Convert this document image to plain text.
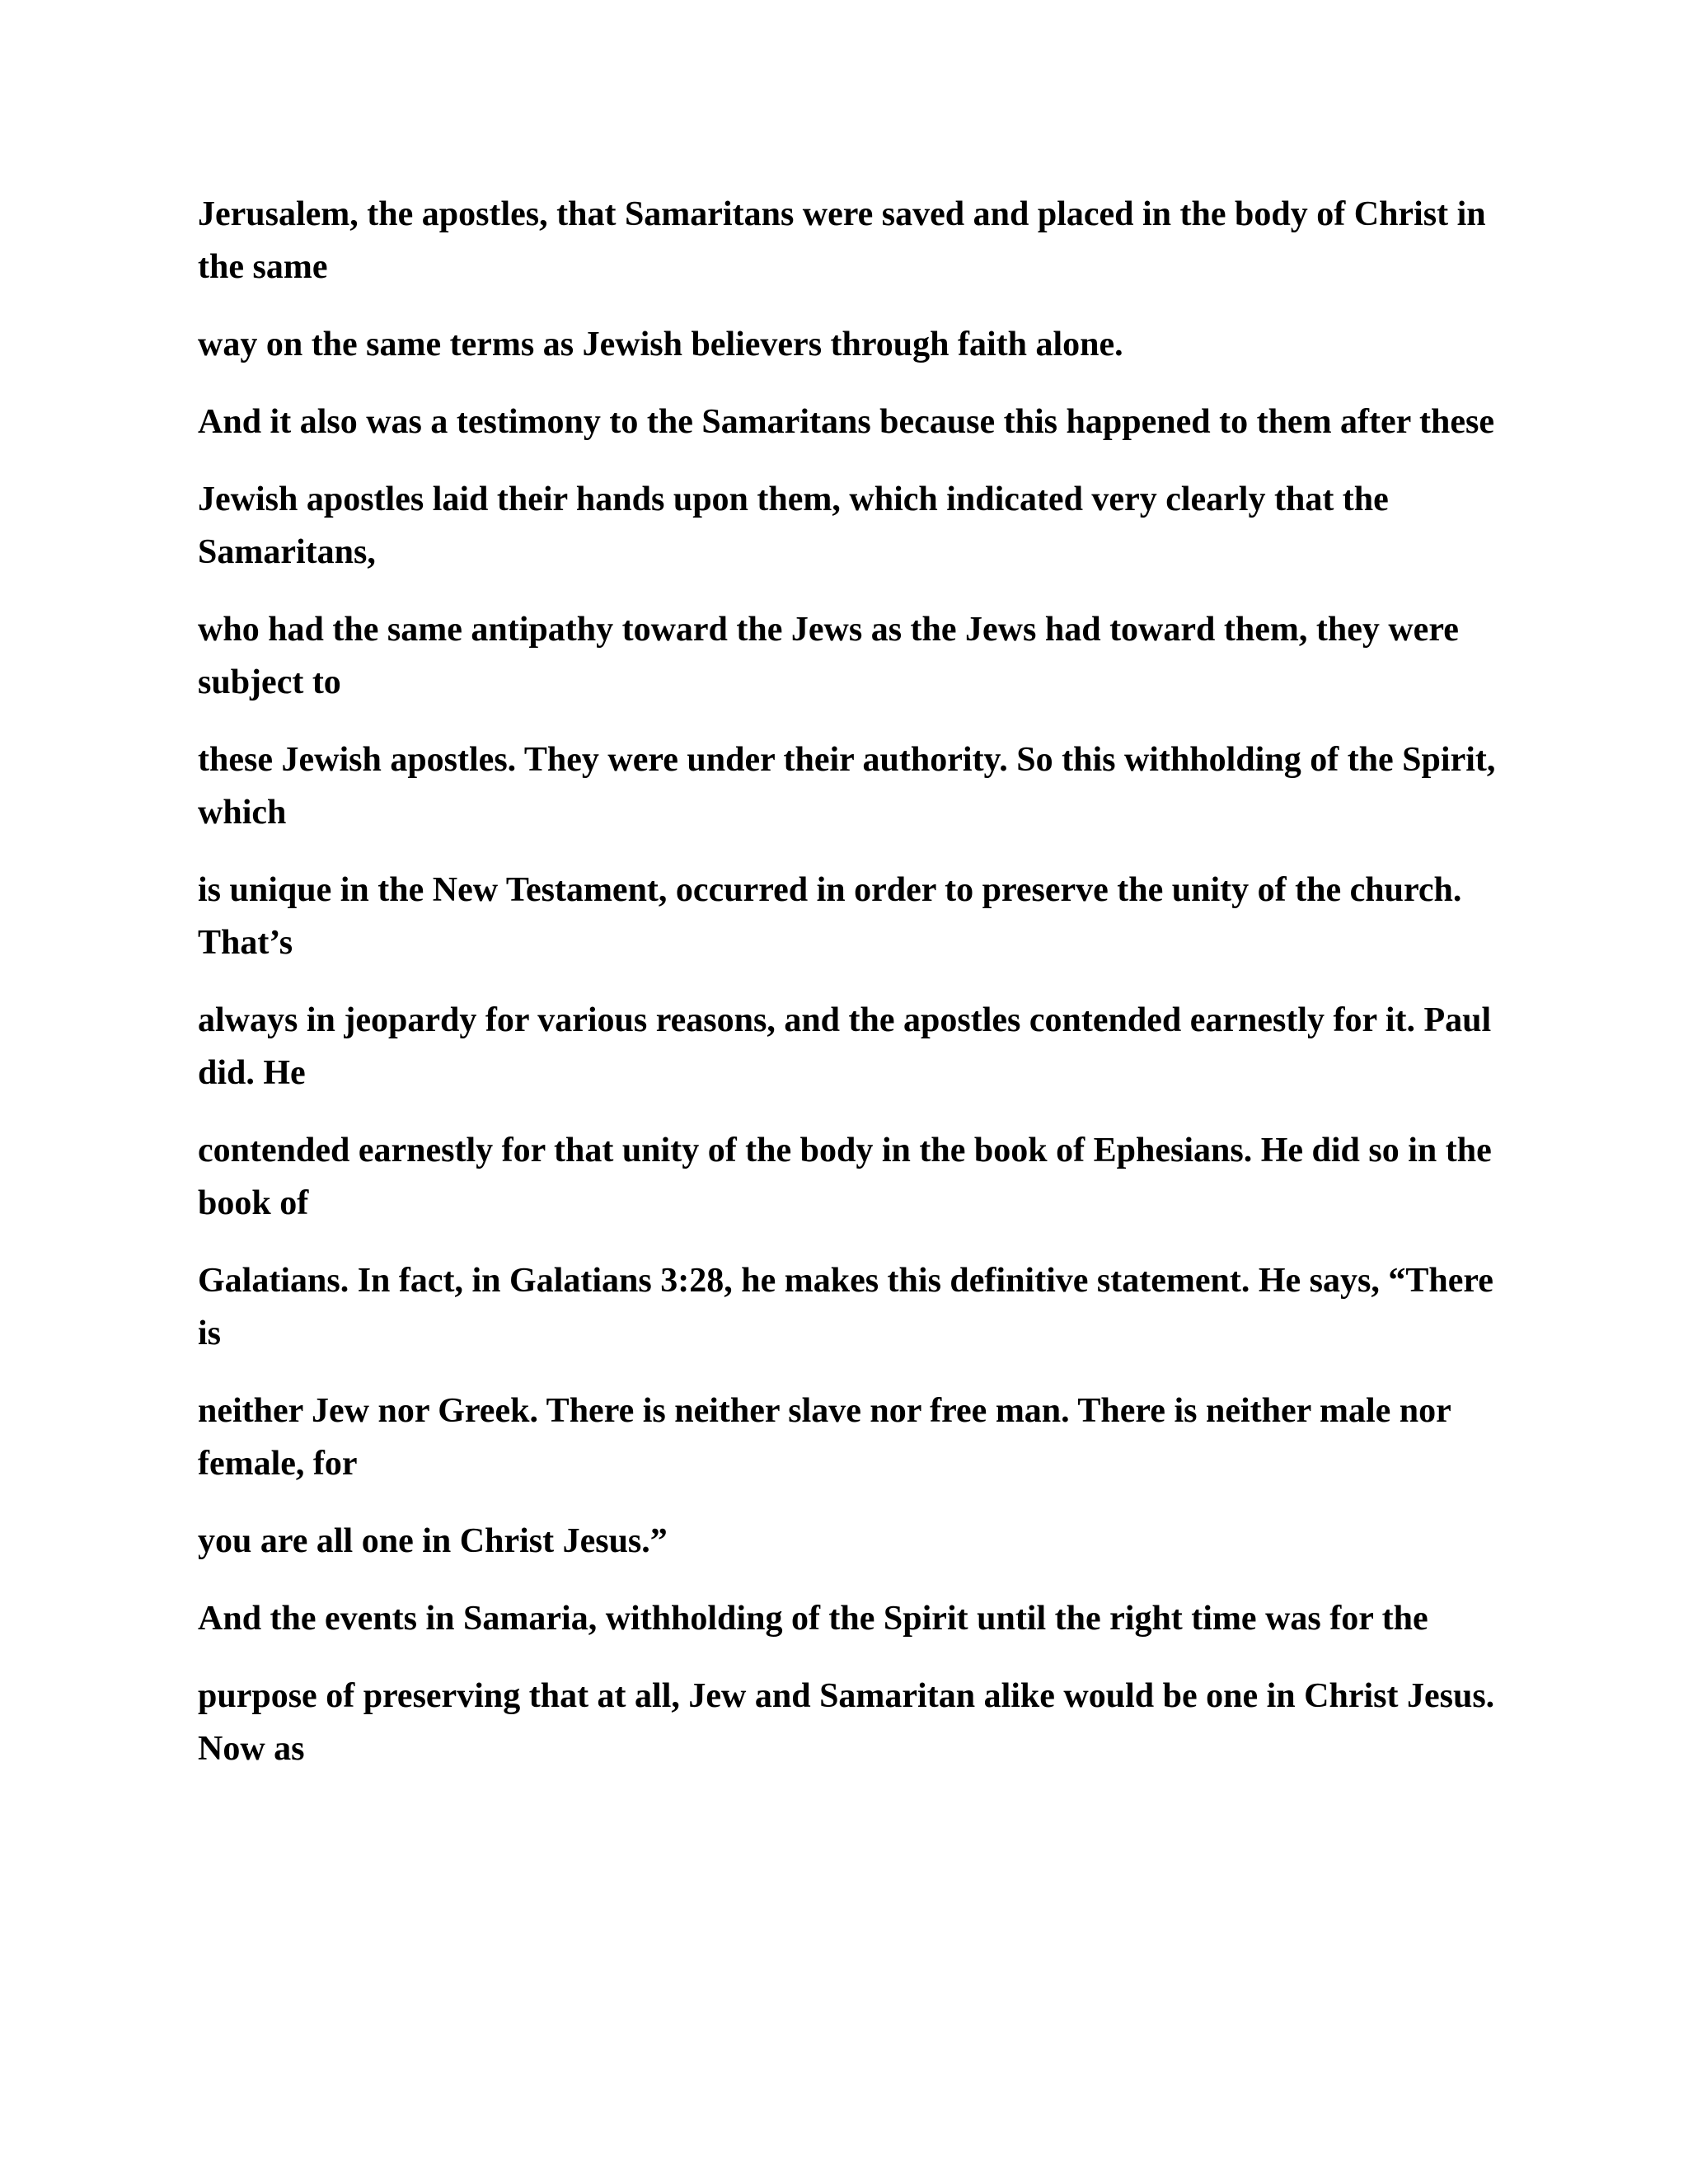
Jerusalem, the apostles, that Samaritans were saved and placed in the body of Christ in the same

way on the same terms as Jewish believers through faith alone.

And it also was a testimony to the Samaritans because this happened to them after these

Jewish apostles laid their hands upon them, which indicated very clearly that the Samaritans,

who had the same antipathy toward the Jews as the Jews had toward them, they were subject to

these Jewish apostles. They were under their authority. So this withholding of the Spirit, which

is unique in the New Testament, occurred in order to preserve the unity of the church. That’s

always in jeopardy for various reasons, and the apostles contended earnestly for it. Paul did. He

contended earnestly for that unity of the body in the book of Ephesians. He did so in the book of

Galatians. In fact, in Galatians 3:28, he makes this definitive statement. He says, “There is

neither Jew nor Greek. There is neither slave nor free man. There is neither male nor female, for

you are all one in Christ Jesus.”

And the events in Samaria, withholding of the Spirit until the right time was for the

purpose of preserving that at all, Jew and Samaritan alike would be one in Christ Jesus. Now as
